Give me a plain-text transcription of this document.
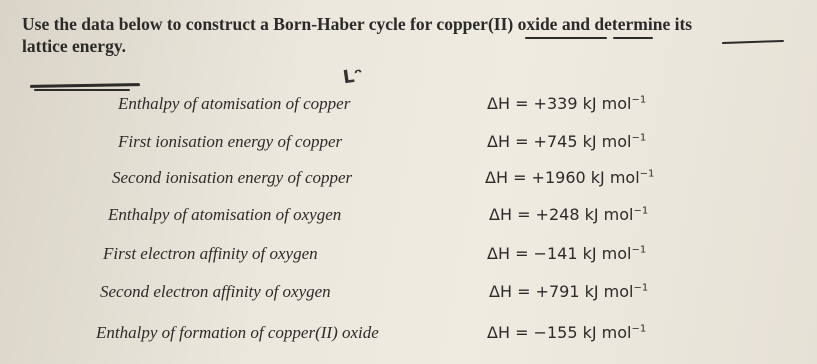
Use the data below to construct a Born-Haber cycle for copper(II) oxide and determine its
lattice energy.
ᒪᵔ
Enthalpy of atomisation of copper	ΔH = +339 kJ mol$^{-1}$
First ionisation energy of copper	ΔH = +745 kJ mol$^{-1}$
Second ionisation energy of copper	ΔH = +1960 kJ mol$^{-1}$
Enthalpy of atomisation of oxygen	ΔH = +248 kJ mol$^{-1}$
First electron affinity of oxygen	ΔH = −141 kJ mol$^{-1}$
Second electron affinity of oxygen	ΔH = +791 kJ mol$^{-1}$
Enthalpy of formation of copper(II) oxide	ΔH = −155 kJ mol$^{-1}$
